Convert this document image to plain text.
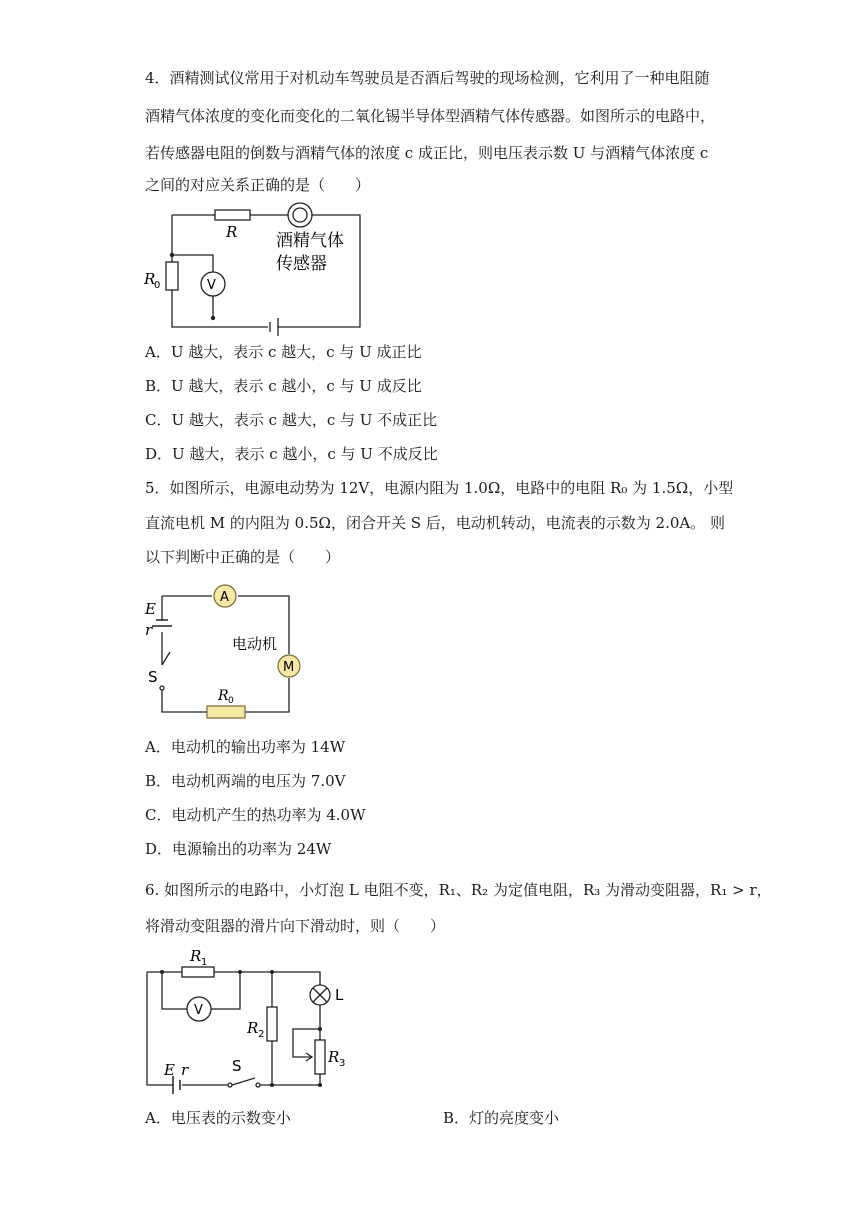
4．酒精测试仪常用于对机动车驾驶员是否酒后驾驶的现场检测，它利用了一种电阻随
酒精气体浓度的变化而变化的二氧化锡半导体型酒精气体传感器。如图所示的电路中，
若传感器电阻的倒数与酒精气体的浓度 c 成正比，则电压表示数 U 与酒精气体浓度 c
之间的对应关系正确的是（　　）
R
R
0	V
酒精气体
传感器
A．U 越大，表示 c 越大，c 与 U 成正比
B．U 越大，表示 c 越小，c 与 U 成反比
C．U 越大，表示 c 越大，c 与 U 不成正比
D．U 越大，表示 c 越小，c 与 U 不成反比
5．如图所示，电源电动势为 12V，电源内阻为 1.0Ω，电路中的电阻 R₀ 为 1.5Ω，小型
直流电机 M 的内阻为 0.5Ω，闭合开关 S 后，电动机转动，电流表的示数为 2.0A。 则
以下判断中正确的是（　　）
A
M
E
r
S
电动机
R 0
A．电动机的输出功率为 14W
B．电动机两端的电压为 7.0V
C．电动机产生的热功率为 4.0W
D．电源输出的功率为 24W
6. 如图所示的电路中，小灯泡 L 电阻不变，R₁、R₂ 为定值电阻，R₃ 为滑动变阻器，R₁ > r，
将滑动变阻器的滑片向下滑动时，则（　　）
R 1
V
R 2
L
R 3
E r	S
A．电压表的示数变小	B．灯的亮度变小
